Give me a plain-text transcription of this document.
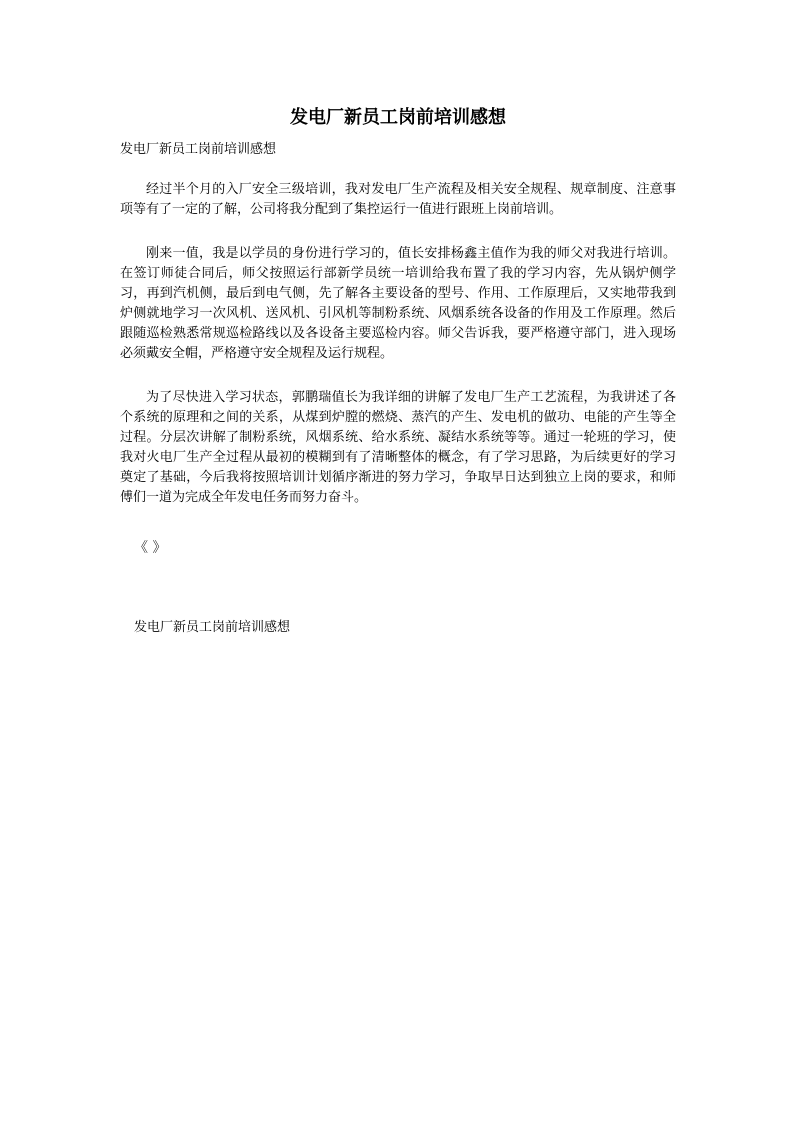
发电厂新员工岗前培训感想
发电厂新员工岗前培训感想

经过半个月的入厂安全三级培训，我对发电厂生产流程及相关安全规程、规章制度、注意事项等有了一定的了解，公司将我分配到了集控运行一值进行跟班上岗前培训。

刚来一值，我是以学员的身份进行学习的，值长安排杨鑫主值作为我的师父对我进行培训。在签订师徒合同后，师父按照运行部新学员统一培训给我布置了我的学习内容，先从锅炉侧学习，再到汽机侧，最后到电气侧，先了解各主要设备的型号、作用、工作原理后，又实地带我到炉侧就地学习一次风机、送风机、引风机等制粉系统、风烟系统各设备的作用及工作原理。然后跟随巡检熟悉常规巡检路线以及各设备主要巡检内容。师父告诉我，要严格遵守部门，进入现场必须戴安全帽，严格遵守安全规程及运行规程。

为了尽快进入学习状态，郭鹏瑞值长为我详细的讲解了发电厂生产工艺流程，为我讲述了各个系统的原理和之间的关系，从煤到炉膛的燃烧、蒸汽的产生、发电机的做功、电能的产生等全过程。分层次讲解了制粉系统，风烟系统、给水系统、凝结水系统等等。通过一轮班的学习，使我对火电厂生产全过程从最初的模糊到有了清晰整体的概念，有了学习思路，为后续更好的学习奠定了基础，今后我将按照培训计划循序渐进的努力学习，争取早日达到独立上岗的要求，和师傅们一道为完成全年发电任务而努力奋斗。

《 》
发电厂新员工岗前培训感想
